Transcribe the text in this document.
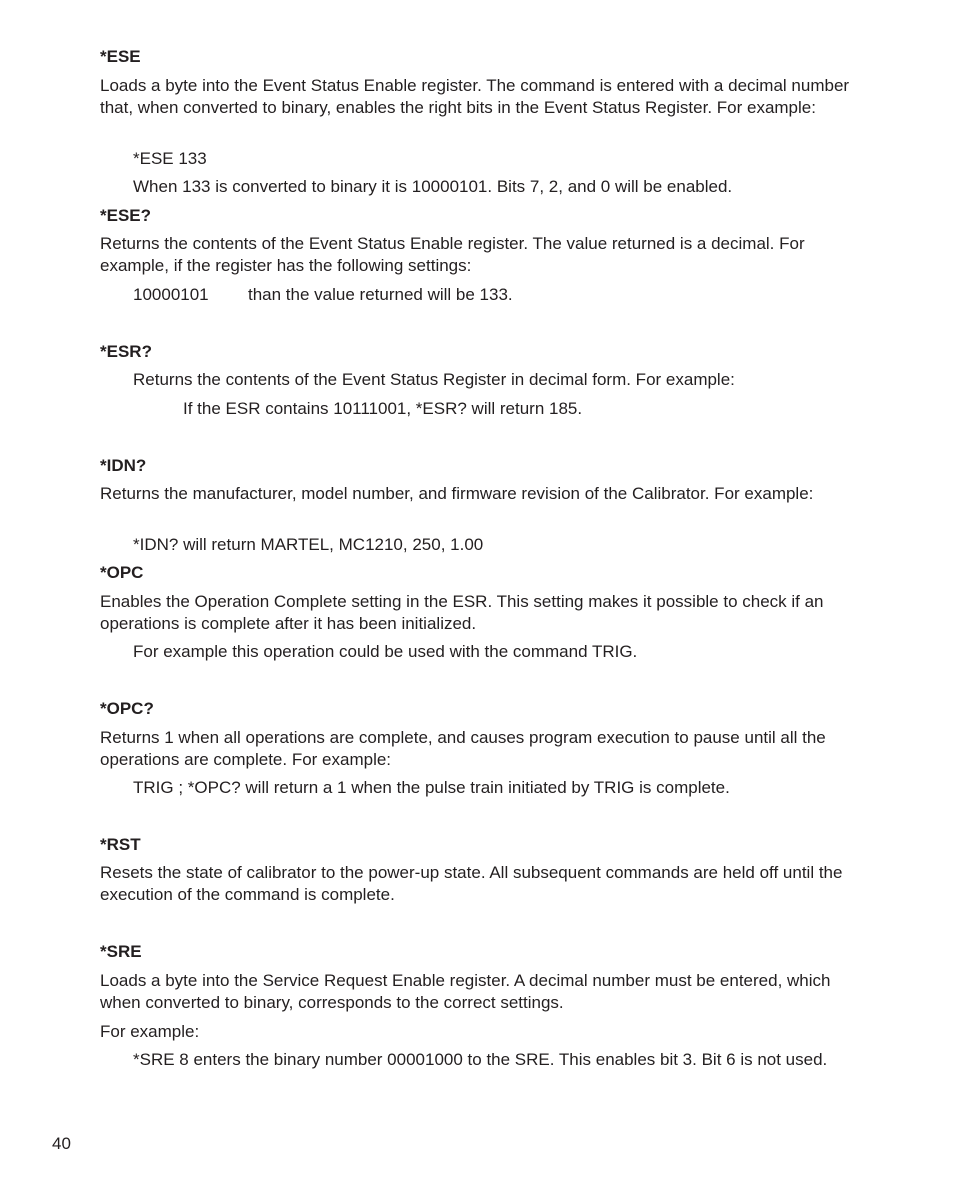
*ESE

Loads a byte into the Event Status Enable register. The command is entered with a decimal number that, when converted to binary, enables the right bits in the Event Status Register. For example:

*ESE 133

When 133 is converted to binary it is 10000101. Bits 7, 2, and 0 will be enabled.

*ESE?

Returns the contents of the Event Status Enable register. The value returned is a decimal. For example, if the register has the following settings:

10000101 than the value returned will be 133.

*ESR?

Returns the contents of the Event Status Register in decimal form. For example:

If the ESR contains 10111001, *ESR? will return 185.

*IDN?

Returns the manufacturer, model number, and firmware revision of the Calibrator. For example:

*IDN? will return MARTEL, MC1210, 250, 1.00

*OPC

Enables the Operation Complete setting in the ESR. This setting makes it possible to check if an operations is complete after it has been initialized.

For example this operation could be used with the command TRIG.

*OPC?

Returns 1 when all operations are complete, and causes program execution to pause until all the operations are complete. For example:

TRIG ; *OPC? will return a 1 when the pulse train initiated by TRIG is complete.

*RST

Resets the state of calibrator to the power-up state. All subsequent commands are held off until the execution of the command is complete.

*SRE

Loads a byte into the Service Request Enable register. A decimal number must be entered, which when converted to binary, corresponds to the correct settings.

For example:

*SRE 8 enters the binary number 00001000 to the SRE. This enables bit 3. Bit 6 is not used.

40
